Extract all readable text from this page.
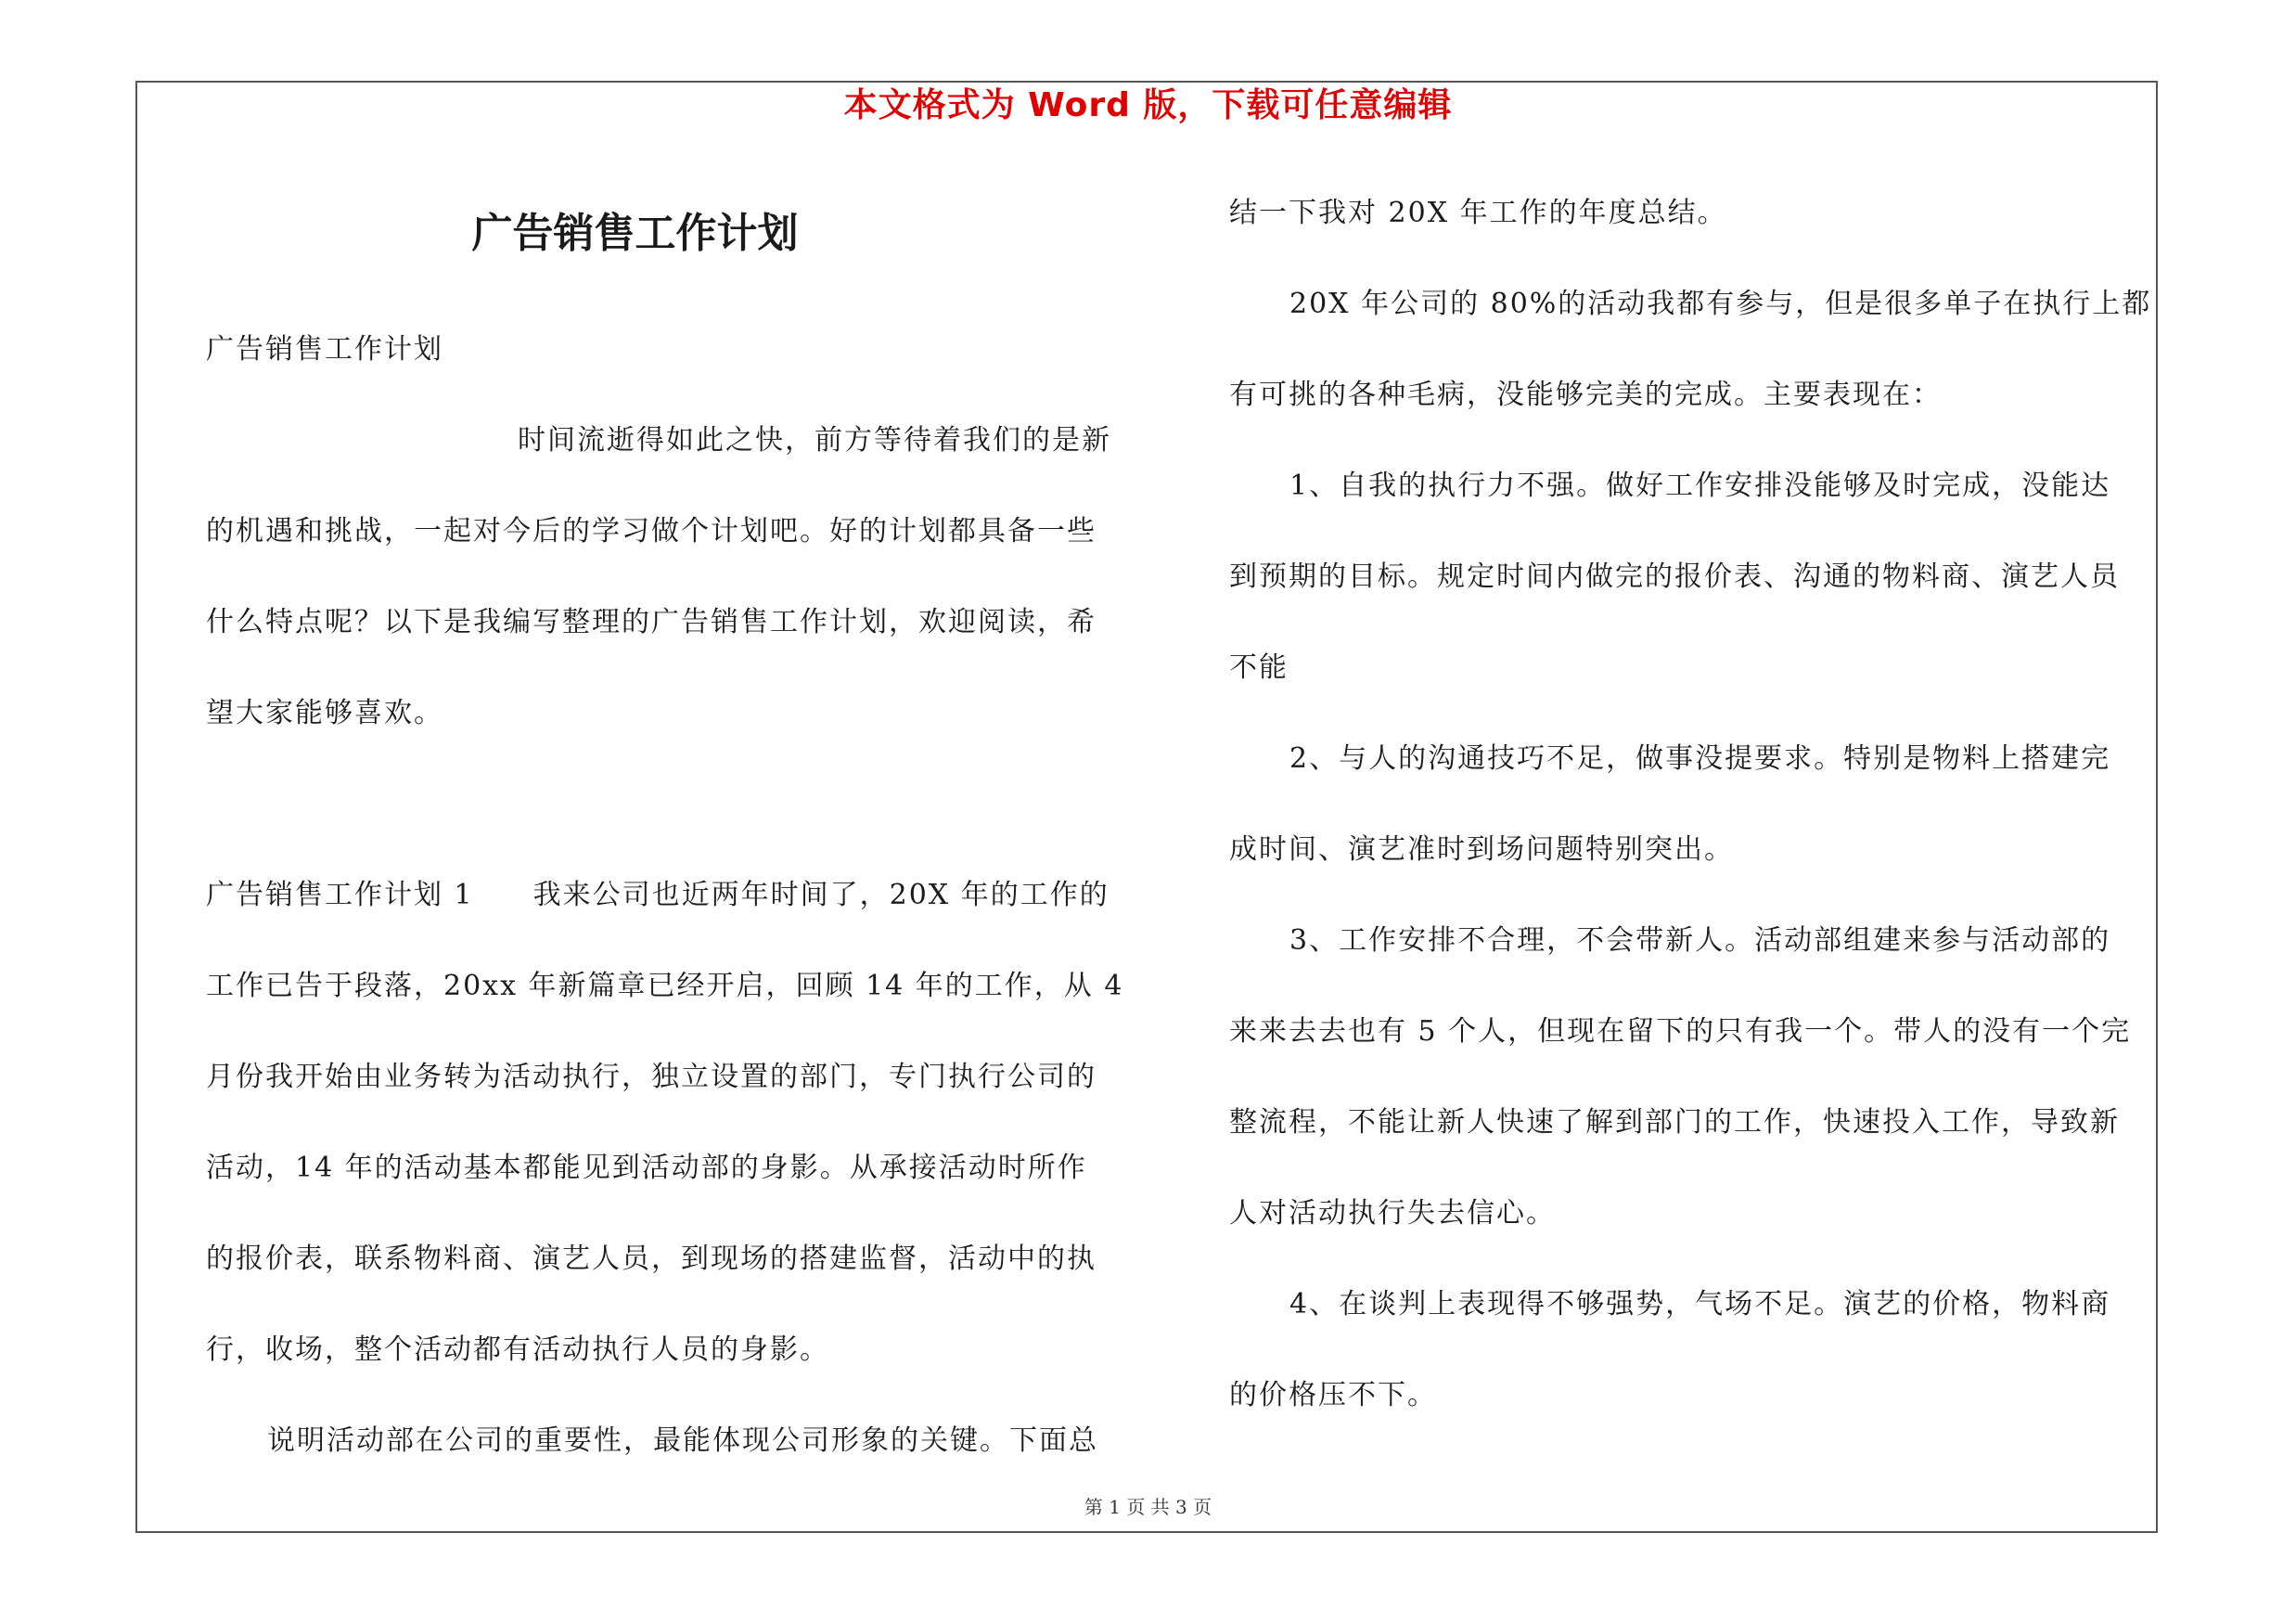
本文格式为 Word 版，下载可任意编辑
广告销售工作计划
广告销售工作计划
时间流逝得如此之快，前方等待着我们的是新
的机遇和挑战，一起对今后的学习做个计划吧。好的计划都具备一些
什么特点呢？以下是我编写整理的广告销售工作计划，欢迎阅读，希
望大家能够喜欢。
广告销售工作计划 1　　我来公司也近两年时间了，20X 年的工作的
工作已告于段落，20xx 年新篇章已经开启，回顾 14 年的工作，从 4
月份我开始由业务转为活动执行，独立设置的部门，专门执行公司的
活动，14 年的活动基本都能见到活动部的身影。从承接活动时所作
的报价表，联系物料商、演艺人员，到现场的搭建监督，活动中的执
行，收场，整个活动都有活动执行人员的身影。
说明活动部在公司的重要性，最能体现公司形象的关键。下面总
结一下我对 20X 年工作的年度总结。
20X 年公司的 80%的活动我都有参与，但是很多单子在执行上都
有可挑的各种毛病，没能够完美的完成。主要表现在：
1、自我的执行力不强。做好工作安排没能够及时完成，没能达
到预期的目标。规定时间内做完的报价表、沟通的物料商、演艺人员
不能
2、与人的沟通技巧不足，做事没提要求。特别是物料上搭建完
成时间、演艺准时到场问题特别突出。
3、工作安排不合理，不会带新人。活动部组建来参与活动部的
来来去去也有 5 个人，但现在留下的只有我一个。带人的没有一个完
整流程，不能让新人快速了解到部门的工作，快速投入工作，导致新
人对活动执行失去信心。
4、在谈判上表现得不够强势，气场不足。演艺的价格，物料商
的价格压不下。
第 1 页 共 3 页
